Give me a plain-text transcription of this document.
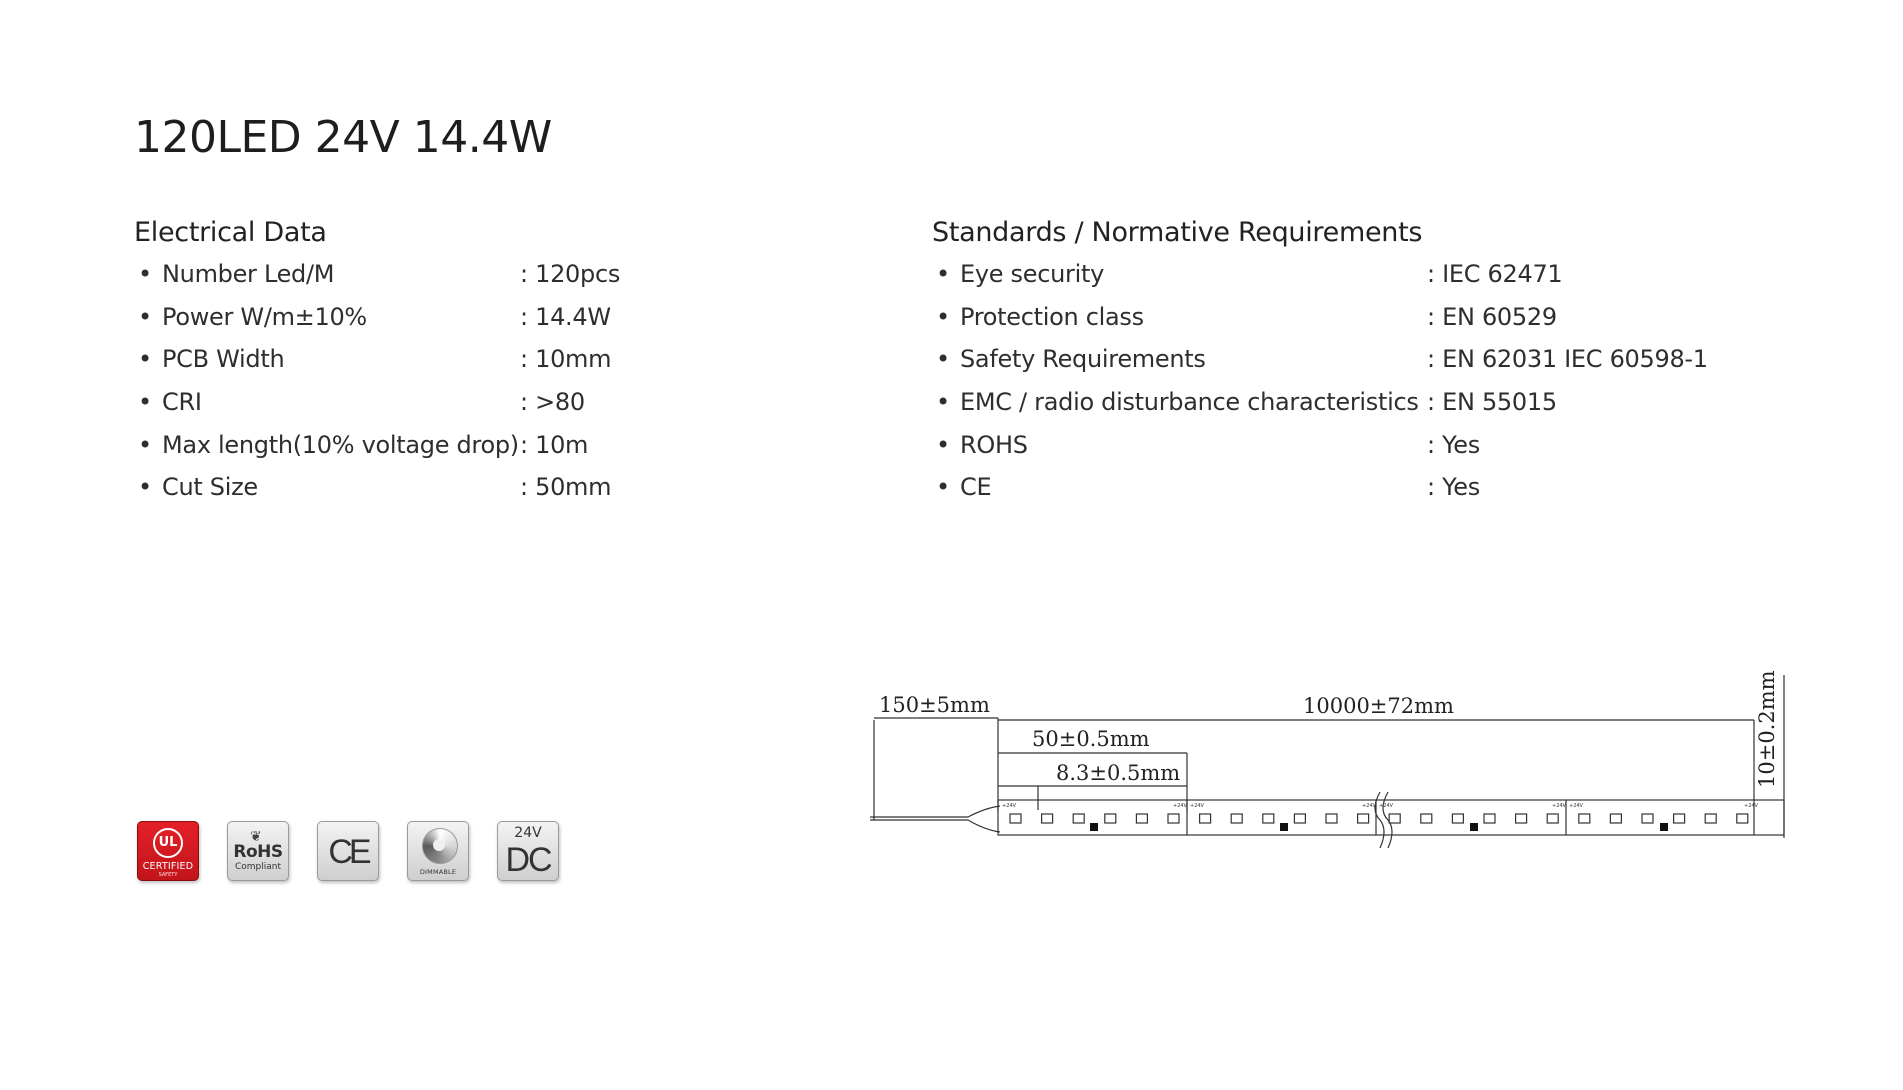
120LED 24V 14.4W
Electrical Data
• Number Led/M	: 120pcs
• Power W/m±10%	: 14.4W
• PCB Width	: 10mm
• CRI	: >80
• Max length(10% voltage drop) : 10m
• Cut Size	: 50mm
Standards / Normative Requirements
• Eye security	: IEC 62471
• Protection class	: EN 60529
• Safety Requirements	: EN 62031 IEC 60598-1
• EMC / radio disturbance characteristics : EN 55015
• ROHS	: Yes
• CE	: Yes
UL
CERTIFIED
SAFETY
❦
RoHS
Compliant	CE
DIMMABLE
24V
DC
150±5mm	10000±72mm
50±0.5mm
8.3±0.5mm	10±0.2mm
+24V +24V	+24V +24V	+24V +24V
+24V	+24V
